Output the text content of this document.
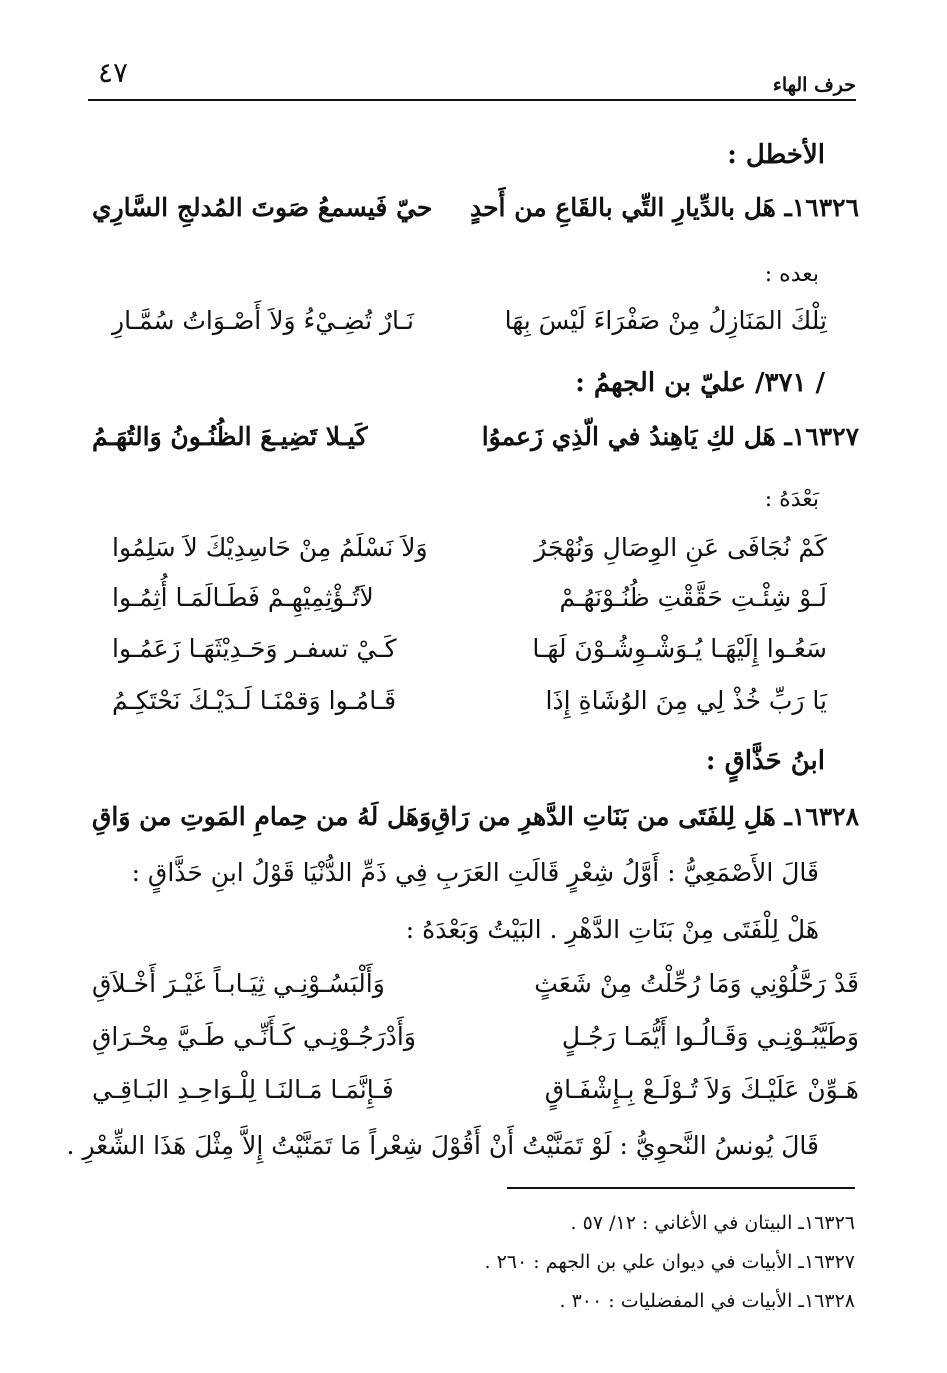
٤٧	حرف الهاء
الأخطل :
١٦٣٢٦ـ هَل بالدِّيارِ التِّي بالقَاعِ من أَحدٍ
حيّ فَيسمعُ صَوتَ المُدلجِ السَّارِي
بعده :
تِلْكَ المَنَازِلُ مِنْ صَفْرَاءَ لَيْسَ بِهَا
نَـارٌ تُضِـيْءُ وَلاَ أَصْـوَاتُ سُمَّـارِ
/ ٣٧١/ عليّ بن الجهمُ :
١٦٣٢٧ـ هَل لكِ يَاهِندُ في الّذِي زَعموُا
كَيـلا تَضِيـعَ الظُنُـونُ وَالتُهَـمُ
بَعْدَهُ :
كَمْ نُجَافَى عَنِ الوِصَالِ وَنُهْجَرُ
وَلاَ نَسْلَمُ مِنْ حَاسِدِيْكَ لاَ سَلِمُوا
لَـوْ شِئْـتِ حَقَّقْتِ ظُنُـوْنَهُـمْ
لاَتُـؤْثِمِيْهِـمْ فَطَـالَمَـا أُثِمُـوا
سَعُـوا إِلَيْهَـا يُـوَشْـوِشُـوْنَ لَهَـا
كَـيْ تسفـر وَحَـدِيْثَهَـا زَعَمُـوا
يَا رَبِّ خُذْ لِي مِنَ الوُشَاةِ إِذَا
قَـامُـوا وَقمْنَـا لَـدَيْـكَ نَحْتَكِـمُ
ابنُ حَذَّاقٍ :
١٦٣٢٨ـ هَلِ لِلفَتَى من بَنَاتِ الدَّهرِ من رَاقِ
وَهَل لَهُ من حِمامِ المَوتِ من وَاقِ
قَالَ الأَصْمَعِيُّ : أَوَّلُ شِعْرٍ قَالَتِ العَرَبِ فِي ذَمِّ الدُّنْيَا قَوْلُ ابنِ حَذَّاقٍ :
هَلْ لِلْفَتَى مِنْ بَنَاتِ الدَّهْرِ . البَيْتُ وَبَعْدَهُ :
قَدْ رَحَّلُوْنِي وَمَا رُحِّلْتُ مِنْ شَعَثٍ
وَأَلْبَسُـوْنِـي ثِيَـابـاً غَيْـرَ أَخْـلاَقِ
وَطَيَّبُـوْنِـي وَقَـالُـوا أَيُّمَـا رَجُـلٍ
وَأَدْرَجُـوْنِـي كَـأَنِّـي طَـيَّ مِحْـرَاقِ
هَـوِّنْ عَلَيْـكَ وَلاَ تُـوْلَـعْ بِـإِشْفَـاقٍ
فَـإِنَّمَـا مَـالنَـا لِلْـوَاحِـدِ البَـاقِـي
قَالَ يُونسُ النَّحوِيُّ : لَوْ تَمَنَّيْتُ أَنْ أَقُوْلَ شِعْراً مَا تَمَنَّيْتُ إِلاَّ مِثْلَ هَذَا الشِّعْرِ .
١٦٣٢٦ـ البيتان في الأغاني : ١٢/ ٥٧ .
١٦٣٢٧ـ الأبيات في ديوان علي بن الجهم : ٢٦٠ .
١٦٣٢٨ـ الأبيات في المفضليات : ٣٠٠ .
